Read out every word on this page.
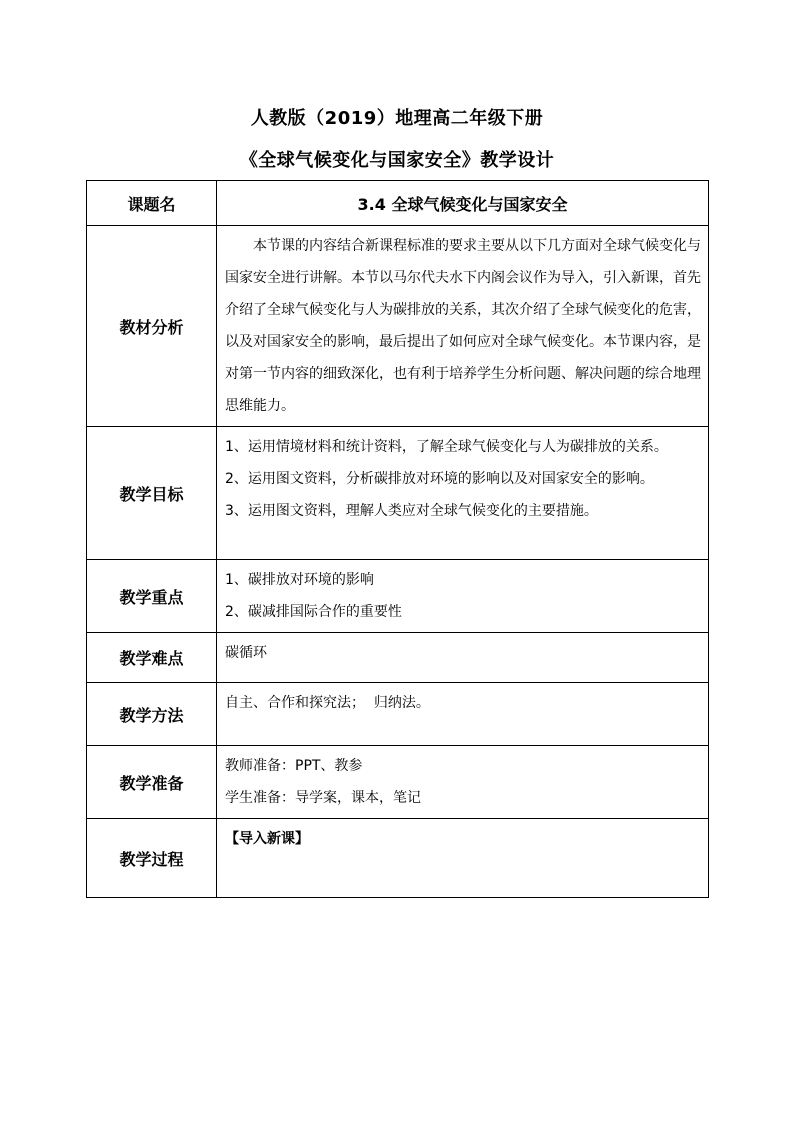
人教版（2019）地理高二年级下册
《全球气候变化与国家安全》教学设计
课题名	3.4 全球气候变化与国家安全
教材分析	本节课的内容结合新课程标准的要求主要从以下几方面对全球气候变化与国家安全进行讲解。本节以马尔代夫水下内阁会议作为导入，引入新课，首先介绍了全球气候变化与人为碳排放的关系，其次介绍了全球气候变化的危害，以及对国家安全的影响，最后提出了如何应对全球气候变化。本节课内容，是对第一节内容的细致深化，也有利于培养学生分析问题、解决问题的综合地理思维能力。

教学目标	1、运用情境材料和统计资料，了解全球气候变化与人为碳排放的关系。

2、运用图文资料，分析碳排放对环境的影响以及对国家安全的影响。

3、运用图文资料，理解人类应对全球气候变化的主要措施。

教学重点	1、碳排放对环境的影响

2、碳减排国际合作的重要性

教学难点	碳循环

教学方法	自主、合作和探究法；  归纳法。

教学准备	教师准备：PPT、教参

学生准备：导学案，课本，笔记

教学过程	【导入新课】
